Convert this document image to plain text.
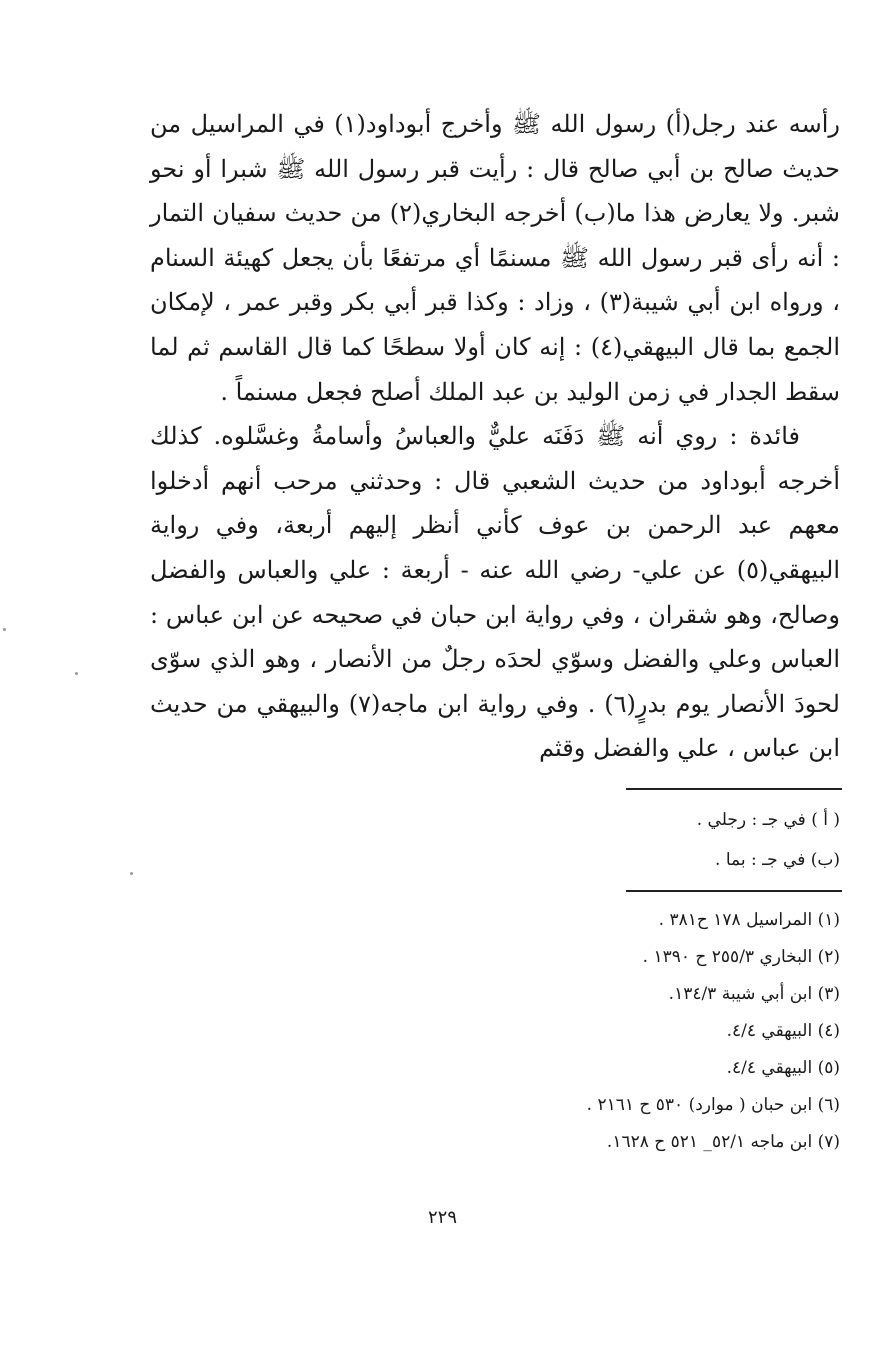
رأسه عند رجل(أ) رسول الله ﷺ وأخرج أبوداود(١) في المراسيل من حديث صالح بن أبي صالح قال : رأيت قبر رسول الله ﷺ شبرا أو نحو شبر. ولا يعارض هذا ما(ب) أخرجه البخاري(٢) من حديث سفيان التمار : أنه رأى قبر رسول الله ﷺ مسنمًا أي مرتفعًا بأن يجعل كهيئة السنام ، ورواه ابن أبي شيبة(٣) ، وزاد : وكذا قبر أبي بكر وقبر عمر ، لإمكان الجمع بما قال البيهقي(٤) : إنه كان أولا سطحًا كما قال القاسم ثم لما سقط الجدار في زمن الوليد بن عبد الملك أصلح فجعل مسنماً .

فائدة : روي أنه ﷺ دَفَنَه عليٌّ والعباسُ وأسامةُ وغسَّلوه. كذلك أخرجه أبوداود من حديث الشعبي قال : وحدثني مرحب أنهم أدخلوا معهم عبد الرحمن بن عوف كأني أنظر إليهم أربعة، وفي رواية البيهقي(٥) عن علي- رضي الله عنه - أربعة : علي والعباس والفضل وصالح، وهو شقران ، وفي رواية ابن حبان في صحيحه عن ابن عباس : العباس وعلي والفضل وسوّي لحدَه رجلٌ من الأنصار ، وهو الذي سوّى لحودَ الأنصار يوم بدرٍ(٦) . وفي رواية ابن ماجه(٧) والبيهقي من حديث ابن عباس ، علي والفضل وقثم

( أ ) في جـ : رجلي .

(ب) في جـ : بما .

(١) المراسيل ١٧٨ ح٣٨١ .

(٢) البخاري ٢٥٥/٣ ح ١٣٩٠ .

(٣) ابن أبي شيبة ١٣٤/٣.

(٤) البيهقي ٤/٤.

(٥) البيهقي ٤/٤.

(٦) ابن حبان ( موارد) ٥٣٠ ح ٢١٦١ .

(٧) ابن ماجه ٥٢/١_ ٥٢١ ح ١٦٢٨.

٢٢٩
